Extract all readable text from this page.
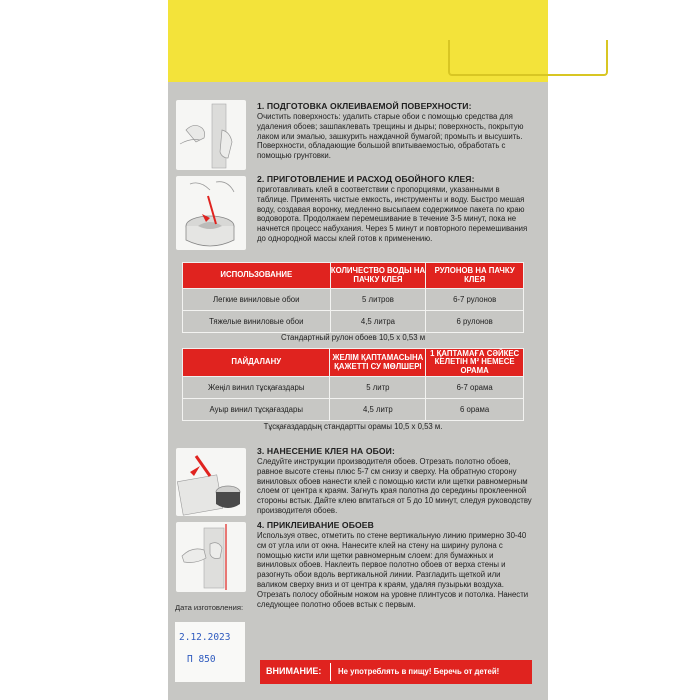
1. ПОДГОТОВКА ОКЛЕИВАЕМОЙ ПОВЕРХНОСТИ:

Очистить поверхность: удалить старые обои с помощью средства для удаления обоев; зашпаклевать трещины и дыры; поверхность, покрытую лаком или эмалью, зашкурить наждачной бумагой; промыть и высушить. Поверхности, обладающие большой впитываемостью, обработать с помощью грунтовки.

2. ПРИГОТОВЛЕНИЕ И РАСХОД ОБОЙНОГО КЛЕЯ:

приготавливать клей в соответствии с пропорциями, указанными в таблице. Применять чистые емкость, инструменты и воду. Быстро мешая воду, создавая воронку, медленно высыпаем содержимое пакета по краю водоворота. Продолжаем перемешивание в течение 3-5 минут, пока не начнется процесс набухания. Через 5 минут и повторного перемешивания до однородной массы клей готов к применению.

ИСПОЛЬЗОВАНИЕ	КОЛИЧЕСТВО ВОДЫ НА ПАЧКУ КЛЕЯ	РУЛОНОВ НА ПАЧКУ КЛЕЯ
Легкие виниловые обои	5 литров	6-7 рулонов
Тяжелые виниловые обои	4,5 литра	6 рулонов
Стандартный рулон обоев 10,5 х 0,53 м
ПАЙДАЛАНУ	ЖЕЛІМ ҚАПТАМАСЫНА ҚАЖЕТТІ СУ МӨЛШЕРІ	1 ҚАПТАМАҒА СӘЙКЕС КЕЛЕТІН М² НЕМЕСЕ ОРАМА
Жеңіл винил тұсқағаздары	5 литр	6-7 орама
Ауыр винил тұсқағаздары	4,5 литр	6 орама
Тұсқағаздардың стандартты орамы 10,5 х 0,53 м.

3. НАНЕСЕНИЕ КЛЕЯ НА ОБОИ:

Следуйте инструкции производителя обоев. Отрезать полотно обоев, равное высоте стены плюс 5-7 см снизу и сверху. На обратную сторону виниловых обоев нанести клей с помощью кисти или щетки равномерным слоем от центра к краям. Загнуть края полотна до середины проклеенной стороны встык. Дайте клею впитаться от 5 до 10 минут, следуя руководству производителя обоев.

4. ПРИКЛЕИВАНИЕ ОБОЕВ

Используя отвес, отметить по стене вертикальную линию примерно 30-40 см от угла или от окна. Нанесите клей на стену на ширину рулона с помощью кисти или щетки равномерным слоем: для бумажных и виниловых обоев. Наклеить первое полотно обоев от верха стены и разогнуть обои вдоль вертикальной линии. Разгладить щеткой или валиком сверху вниз и от центра к краям, удаляя пузырьки воздуха. Отрезать полосу обойным ножом на уровне плинтусов и потолка. Нанести следующее полотно обоев встык с первым.

Дата изготовления:
2.12.2023
П 850
ВНИМАНИЕ: Не употреблять в пищу! Беречь от детей!
